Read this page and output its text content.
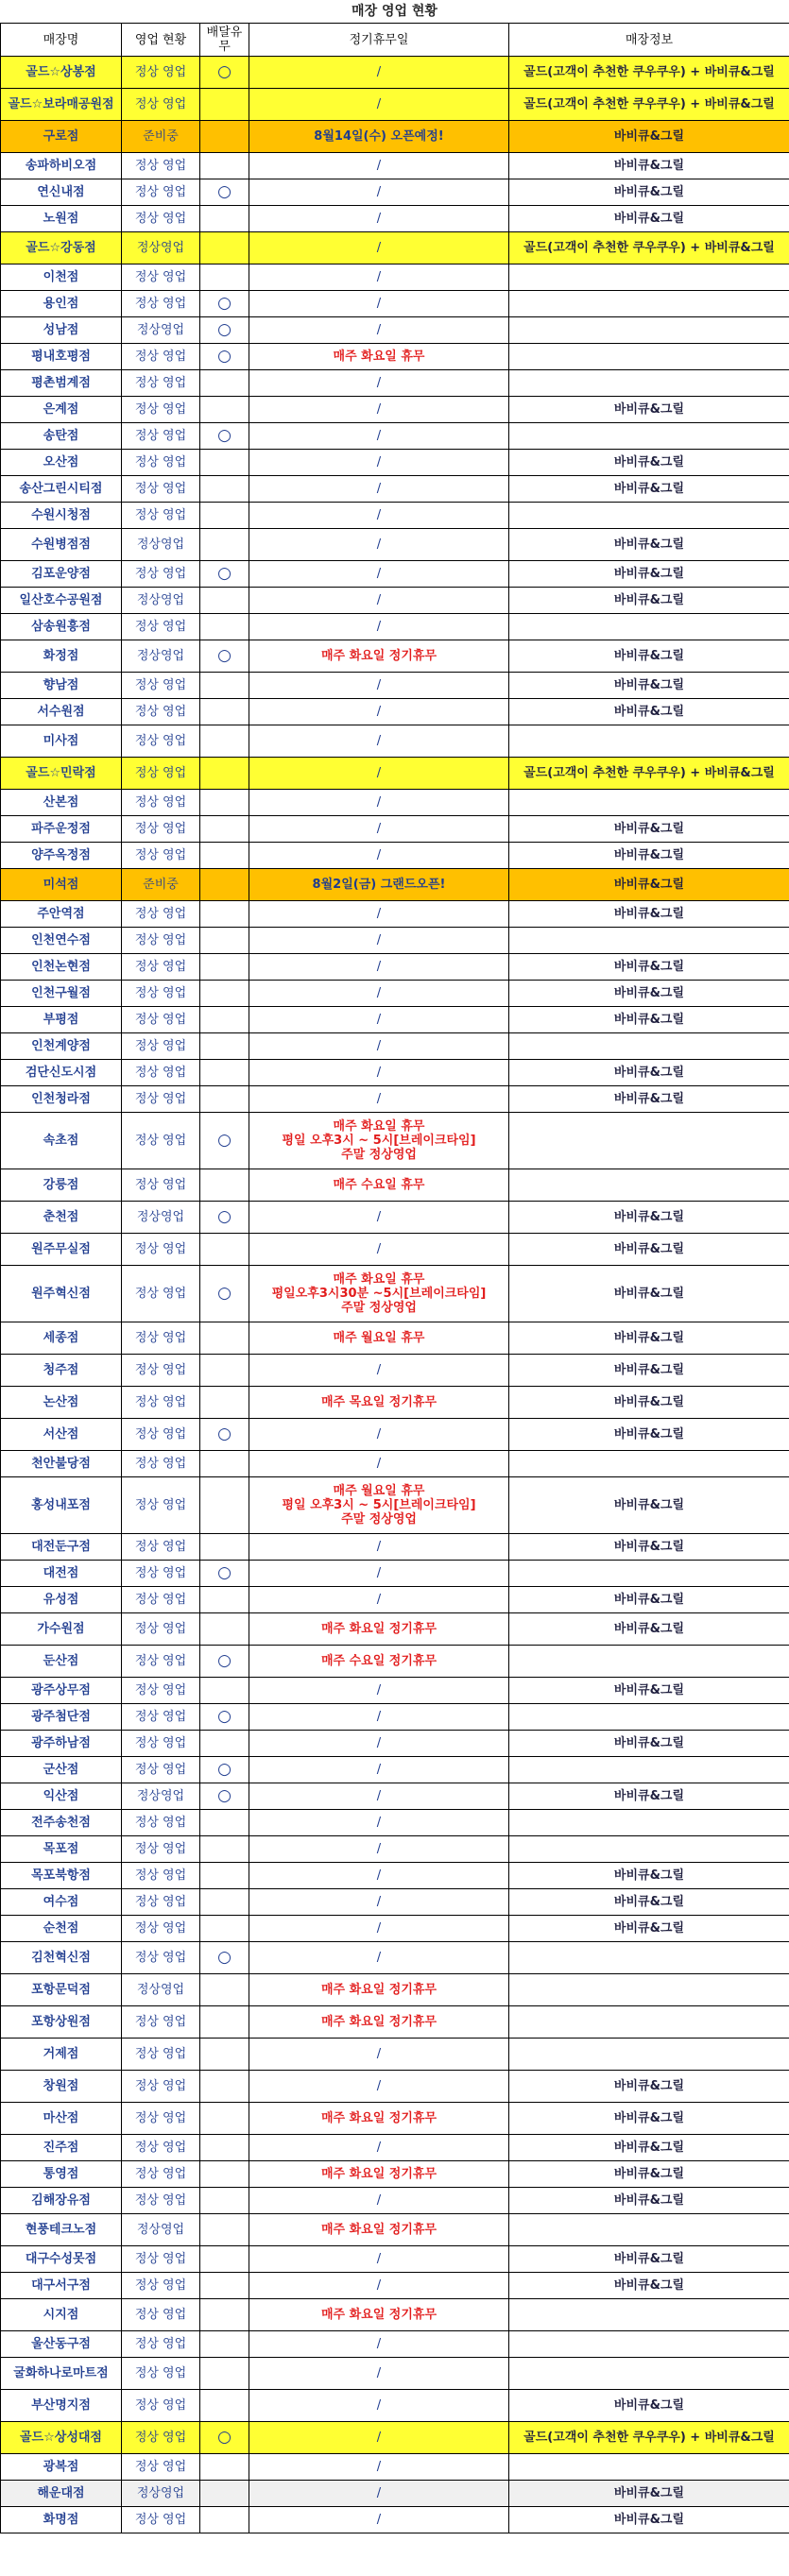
매장 영업 현황
매장명	영업 현황	배달유무	정기휴무일	매장정보
골드☆상봉점	정상 영업	○	/	골드(고객이 추천한 쿠우쿠우) + 바비큐&그릴
골드☆보라매공원점	정상 영업		/	골드(고객이 추천한 쿠우쿠우) + 바비큐&그릴
구로점	준비중		8월14일(수) 오픈예정!	바비큐&그릴
송파하비오점	정상 영업		/	바비큐&그릴
연신내점	정상 영업	○	/	바비큐&그릴
노원점	정상 영업		/	바비큐&그릴
골드☆강동점	정상영업		/	골드(고객이 추천한 쿠우쿠우) + 바비큐&그릴
이천점	정상 영업		/	
용인점	정상 영업	○	/	
성남점	정상영업	○	/	
평내호평점	정상 영업	○	매주 화요일 휴무	
평촌범계점	정상 영업		/	
은계점	정상 영업		/	바비큐&그릴
송탄점	정상 영업	○	/	
오산점	정상 영업		/	바비큐&그릴
송산그린시티점	정상 영업		/	바비큐&그릴
수원시청점	정상 영업		/	
수원병점점	정상영업		/	바비큐&그릴
김포운양점	정상 영업	○	/	바비큐&그릴
일산호수공원점	정상영업		/	바비큐&그릴
삼송원흥점	정상 영업		/	
화정점	정상영업	○	매주 화요일 정기휴무	바비큐&그릴
향남점	정상 영업		/	바비큐&그릴
서수원점	정상 영업		/	바비큐&그릴
미사점	정상 영업		/	
골드☆민락점	정상 영업		/	골드(고객이 추천한 쿠우쿠우) + 바비큐&그릴
산본점	정상 영업		/	
파주운정점	정상 영업		/	바비큐&그릴
양주옥정점	정상 영업		/	바비큐&그릴
미석점	준비중		8월2일(금) 그랜드오픈!	바비큐&그릴
주안역점	정상 영업		/	바비큐&그릴
인천연수점	정상 영업		/	
인천논현점	정상 영업		/	바비큐&그릴
인천구월점	정상 영업		/	바비큐&그릴
부평점	정상 영업		/	바비큐&그릴
인천계양점	정상 영업		/	
검단신도시점	정상 영업		/	바비큐&그릴
인천청라점	정상 영업		/	바비큐&그릴
속초점	정상 영업	○	매주 화요일 휴무
평일 오후3시 ~ 5시[브레이크타임]
주말 정상영업	

강릉점	정상 영업		매주 수요일 휴무	
춘천점	정상영업	○	/	바비큐&그릴
원주무실점	정상 영업		/	바비큐&그릴
원주혁신점	정상 영업	○	매주 화요일 휴무
평일오후3시30분 ~5시[브레이크타임]
주말 정상영업	바비큐&그릴
세종점	정상 영업		매주 월요일 휴무	바비큐&그릴
청주점	정상 영업		/	바비큐&그릴
논산점	정상 영업		매주 목요일 정기휴무	바비큐&그릴
서산점	정상 영업	○	/	바비큐&그릴
천안불당점	정상 영업		/	
홍성내포점	정상 영업		매주 월요일 휴무
평일 오후3시 ~ 5시[브레이크타임]
주말 정상영업	바비큐&그릴
대전둔구점	정상 영업		/	바비큐&그릴
대전점	정상 영업	○	/	
유성점	정상 영업		/	바비큐&그릴
가수원점	정상 영업		매주 화요일 정기휴무	바비큐&그릴
둔산점	정상 영업	○	매주 수요일 정기휴무	
광주상무점	정상 영업		/	바비큐&그릴
광주첨단점	정상 영업	○	/	
광주하남점	정상 영업		/	바비큐&그릴
군산점	정상 영업	○	/	
익산점	정상영업	○	/	바비큐&그릴
전주송천점	정상 영업		/	
목포점	정상 영업		/	
목포북항점	정상 영업		/	바비큐&그릴
여수점	정상 영업		/	바비큐&그릴
순천점	정상 영업		/	바비큐&그릴
김천혁신점	정상 영업	○	/	
포항문덕점	정상영업		매주 화요일 정기휴무	
포항상원점	정상 영업		매주 화요일 정기휴무	
거제점	정상 영업		/	
창원점	정상 영업		/	바비큐&그릴
마산점	정상 영업		매주 화요일 정기휴무	바비큐&그릴
진주점	정상 영업		/	바비큐&그릴
통영점	정상 영업		매주 화요일 정기휴무	바비큐&그릴
김해장유점	정상 영업		/	바비큐&그릴
현풍테크노점	정상영업		매주 화요일 정기휴무	
대구수성못점	정상 영업		/	바비큐&그릴
대구서구점	정상 영업		/	바비큐&그릴
시지점	정상 영업		매주 화요일 정기휴무	
울산동구점	정상 영업		/	
굴화하나로마트점	정상 영업		/	
부산명지점	정상 영업		/	바비큐&그릴
골드☆상성대점	정상 영업	○	/	골드(고객이 추천한 쿠우쿠우) + 바비큐&그릴
광복점	정상 영업		/	
해운대점	정상영업		/	바비큐&그릴
화명점	정상 영업		/	바비큐&그릴
